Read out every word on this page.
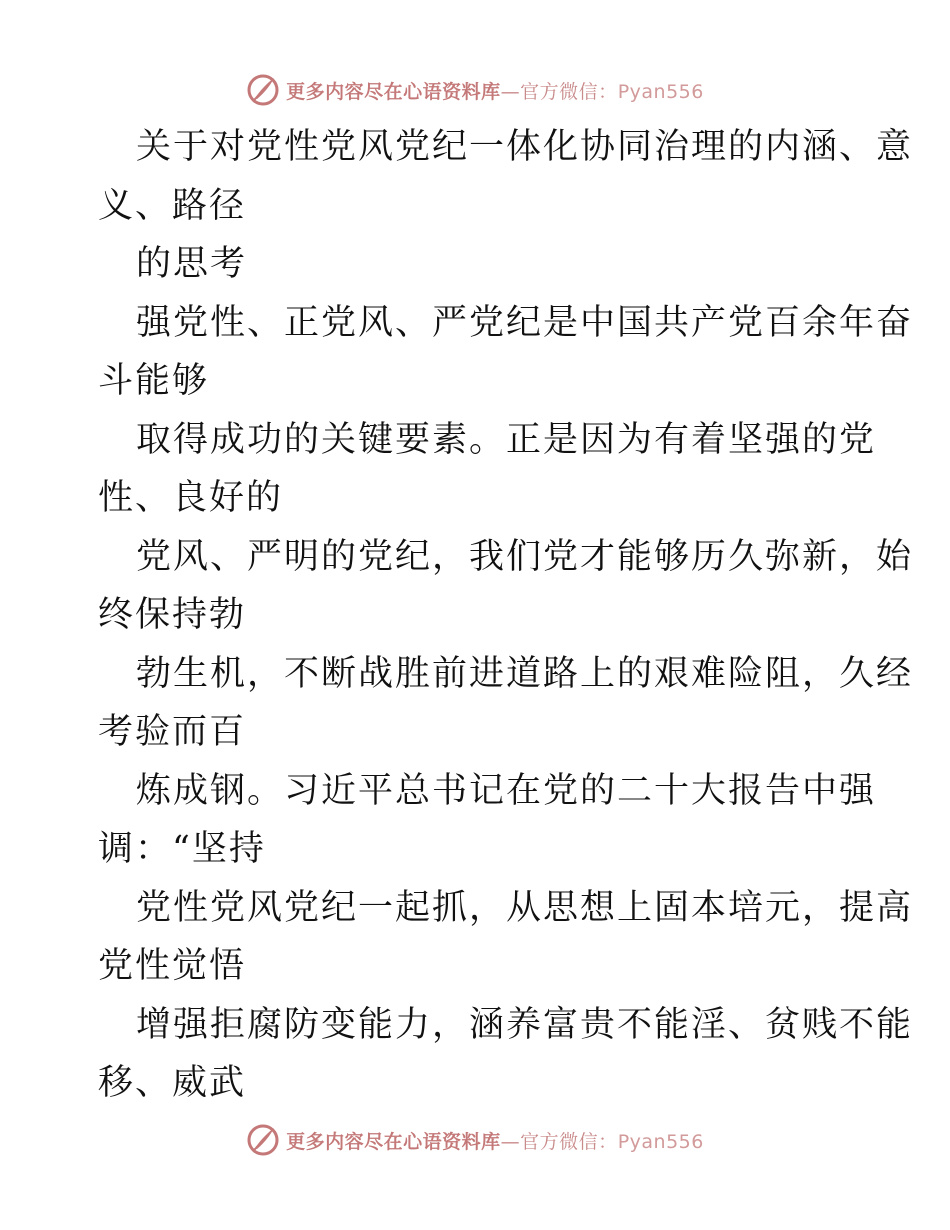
更多内容尽在心语资料库—官方微信：Pyan556
关于对党性党风党纪一体化协同治理的内涵、意
义、路径
的思考
强党性、正党风、严党纪是中国共产党百余年奋
斗能够
取得成功的关键要素。正是因为有着坚强的党
性、良好的
党风、严明的党纪，我们党才能够历久弥新，始
终保持勃
勃生机，不断战胜前进道路上的艰难险阻，久经
考验而百
炼成钢。习近平总书记在党的二十大报告中强
调：“坚持
党性党风党纪一起抓，从思想上固本培元，提高
党性觉悟
增强拒腐防变能力，涵养富贵不能淫、贫贱不能
移、威武
更多内容尽在心语资料库—官方微信：Pyan556
